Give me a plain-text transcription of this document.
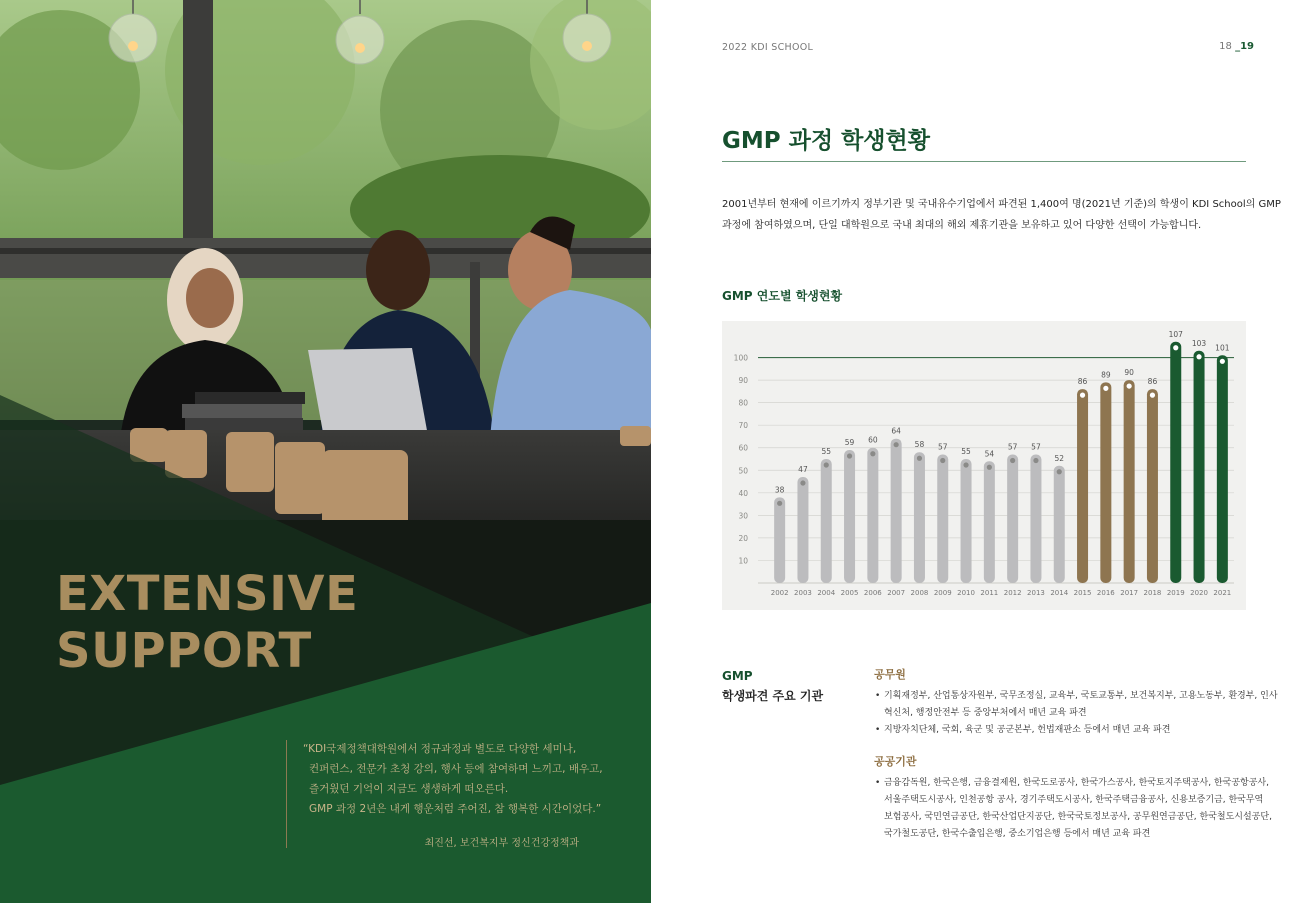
EXTENSIVE
SUPPORT

“KDI국제정책대학원에서 정규과정과 별도로 다양한 세미나,

컨퍼런스, 전문가 초청 강의, 행사 등에 참여하며 느끼고, 배우고,

즐거웠던 기억이 지금도 생생하게 떠오른다.

GMP 과정 2년은 내게 행운처럼 주어진, 참 행복한 시간이었다.”

최진선, 보건복지부 정신건강정책과
2022 KDI SCHOOL	18 _19
GMP 과정 학생현황

2001년부터 현재에 이르기까지 정부기관 및 국내유수기업에서 파견된 1,400여 명(2021년 기준)의 학생이 KDI School의 GMP

과정에 참여하였으며, 단일 대학원으로 국내 최대의 해외 제휴기관을 보유하고 있어 다양한 선택이 가능합니다.

GMP 연도별 학생현황
10
20
30
40
50
60
70
80
90
100
38
2002
47
2003
55
2004
59
2005
60
2006
64
2007
58
2008
57
2009
55
2010
54
2011
57
2012
57
2013
52
2014
86
2015
89
2016
90
2017
86
2018
107
2019
103
2020
101
2021
GMP
학생파견 주요 기관
공무원
• 기획재정부, 산업통상자원부, 국무조정실, 교육부, 국토교통부, 보건복지부, 고용노동부, 환경부, 인사
혁신처, 행정안전부 등 중앙부처에서 매년 교육 파견
• 지방자치단체, 국회, 육군 및 공군본부, 헌법재판소 등에서 매년 교육 파견
공공기관
• 금융감독원, 한국은행, 금융결제원, 한국도로공사, 한국가스공사, 한국토지주택공사, 한국공항공사,
서울주택도시공사, 인천공항 공사, 경기주택도시공사, 한국주택금융공사, 신용보증기금, 한국무역
보험공사, 국민연금공단, 한국산업단지공단, 한국국토정보공사, 공무원연금공단, 한국철도시설공단,
국가철도공단, 한국수출입은행, 중소기업은행 등에서 매년 교육 파견
